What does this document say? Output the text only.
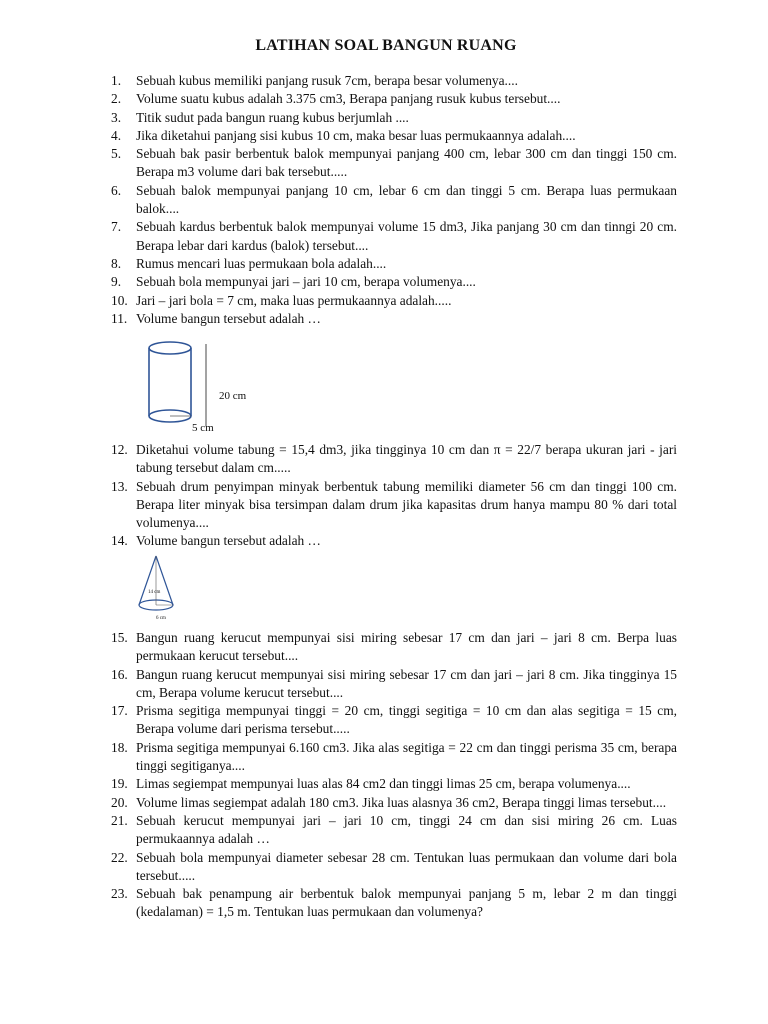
LATIHAN SOAL BANGUN RUANG
1. Sebuah kubus memiliki panjang rusuk 7cm, berapa besar volumenya....
2. Volume suatu kubus adalah 3.375 cm3, Berapa panjang rusuk kubus tersebut....
3. Titik sudut pada bangun ruang kubus berjumlah ....
4. Jika diketahui panjang sisi kubus 10 cm, maka besar luas permukaannya adalah....
5. Sebuah bak pasir berbentuk balok mempunyai panjang 400 cm, lebar 300 cm dan tinggi 150 cm. Berapa m3 volume dari bak tersebut.....
6. Sebuah balok mempunyai panjang 10 cm, lebar 6 cm dan tinggi 5 cm. Berapa luas permukaan balok....
7. Sebuah kardus berbentuk balok mempunyai volume 15 dm3, Jika panjang 30 cm dan tinngi 20 cm. Berapa lebar dari kardus (balok) tersebut....
8. Rumus mencari luas permukaan bola adalah....
9. Sebuah bola mempunyai jari – jari 10 cm, berapa volumenya....
10. Jari – jari bola = 7 cm, maka luas permukaannya adalah.....
11. Volume bangun tersebut adalah …
20 cm
5 cm
12. Diketahui volume tabung = 15,4 dm3, jika tingginya 10 cm dan π = 22/7 berapa ukuran jari - jari tabung tersebut dalam cm.....
13. Sebuah drum penyimpan minyak berbentuk tabung memiliki diameter 56 cm dan tinggi 100 cm. Berapa liter minyak bisa tersimpan dalam drum jika kapasitas drum hanya mampu 80 % dari total volumenya....
14. Volume bangun tersebut adalah …
14 cm
6 cm
15. Bangun ruang kerucut mempunyai sisi miring sebesar 17 cm dan jari – jari 8 cm. Berpa luas permukaan kerucut tersebut....
16. Bangun ruang kerucut mempunyai sisi miring sebesar 17 cm dan jari – jari 8 cm. Jika tingginya 15 cm, Berapa volume kerucut tersebut....
17. Prisma segitiga mempunyai tinggi = 20 cm, tinggi segitiga = 10 cm dan alas segitiga = 15 cm, Berapa volume dari perisma tersebut.....
18. Prisma segitiga mempunyai 6.160 cm3. Jika alas segitiga = 22 cm dan tinggi perisma 35 cm, berapa tinggi segitiganya....
19. Limas segiempat mempunyai luas alas 84 cm2 dan tinggi limas 25 cm, berapa volumenya....
20. Volume limas segiempat adalah 180 cm3. Jika luas alasnya 36 cm2, Berapa tinggi limas tersebut....
21. Sebuah kerucut mempunyai jari – jari 10 cm, tinggi 24 cm dan sisi miring 26 cm. Luas permukaannya adalah …
22. Sebuah bola mempunyai diameter sebesar 28 cm. Tentukan luas permukaan dan volume dari bola tersebut.....
23. Sebuah bak penampung air berbentuk balok mempunyai panjang 5 m, lebar 2 m dan tinggi (kedalaman) = 1,5 m. Tentukan luas permukaan dan volumenya?
